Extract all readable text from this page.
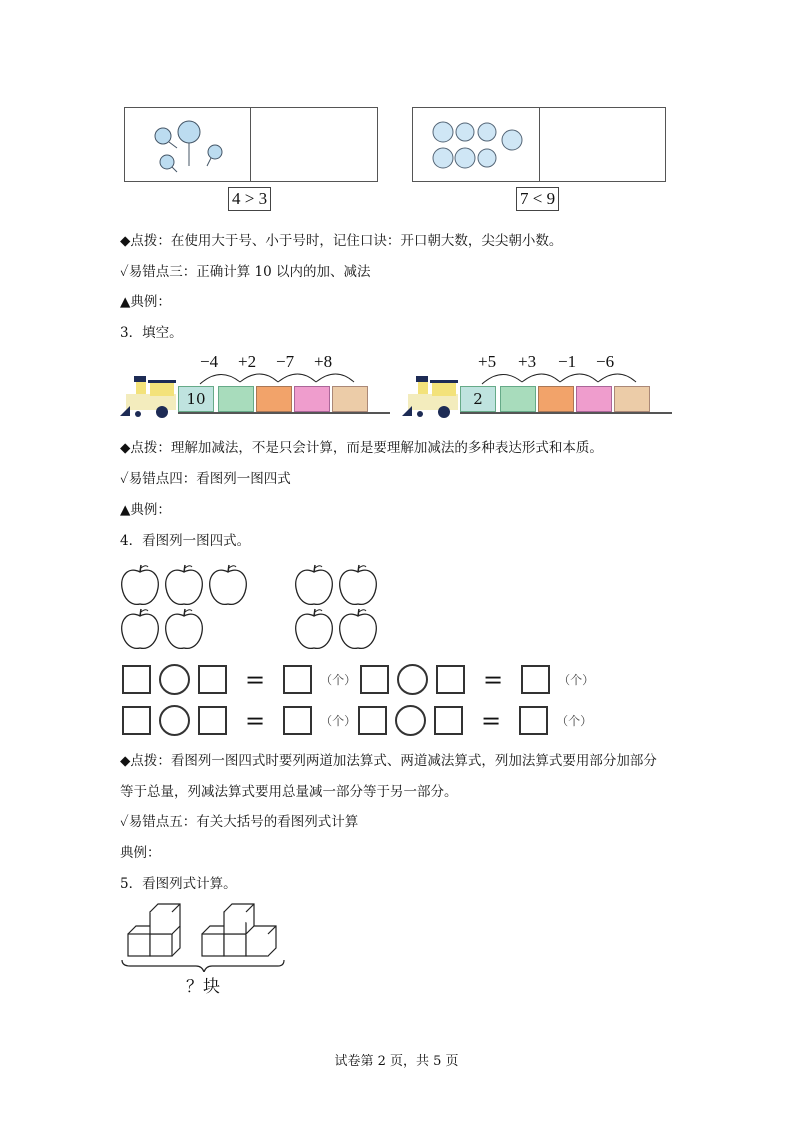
4 > 3	7 < 9
◆点拨：在使用大于号、小于号时，记住口诀：开口朝大数，尖尖朝小数。
✓易错点三：正确计算 10 以内的加、减法
▲典例：
3．填空。
10
−4 +2 −7 +8
2
+5 +3 −1 −6
◆点拨：理解加减法，不是只会计算，而是要理解加减法的多种表达形式和本质。
✓易错点四：看图列一图四式
▲典例：
4．看图列一图四式。
=	（个）	=	（个）
=	（个）	=	（个）
◆点拨：看图列一图四式时要列两道加法算式、两道减法算式，列加法算式要用部分加部分
等于总量，列减法算式要用总量减一部分等于另一部分。
✓易错点五：有关大括号的看图列式计算
典例：
5．看图列式计算。
？块
试卷第 2 页，共 5 页
